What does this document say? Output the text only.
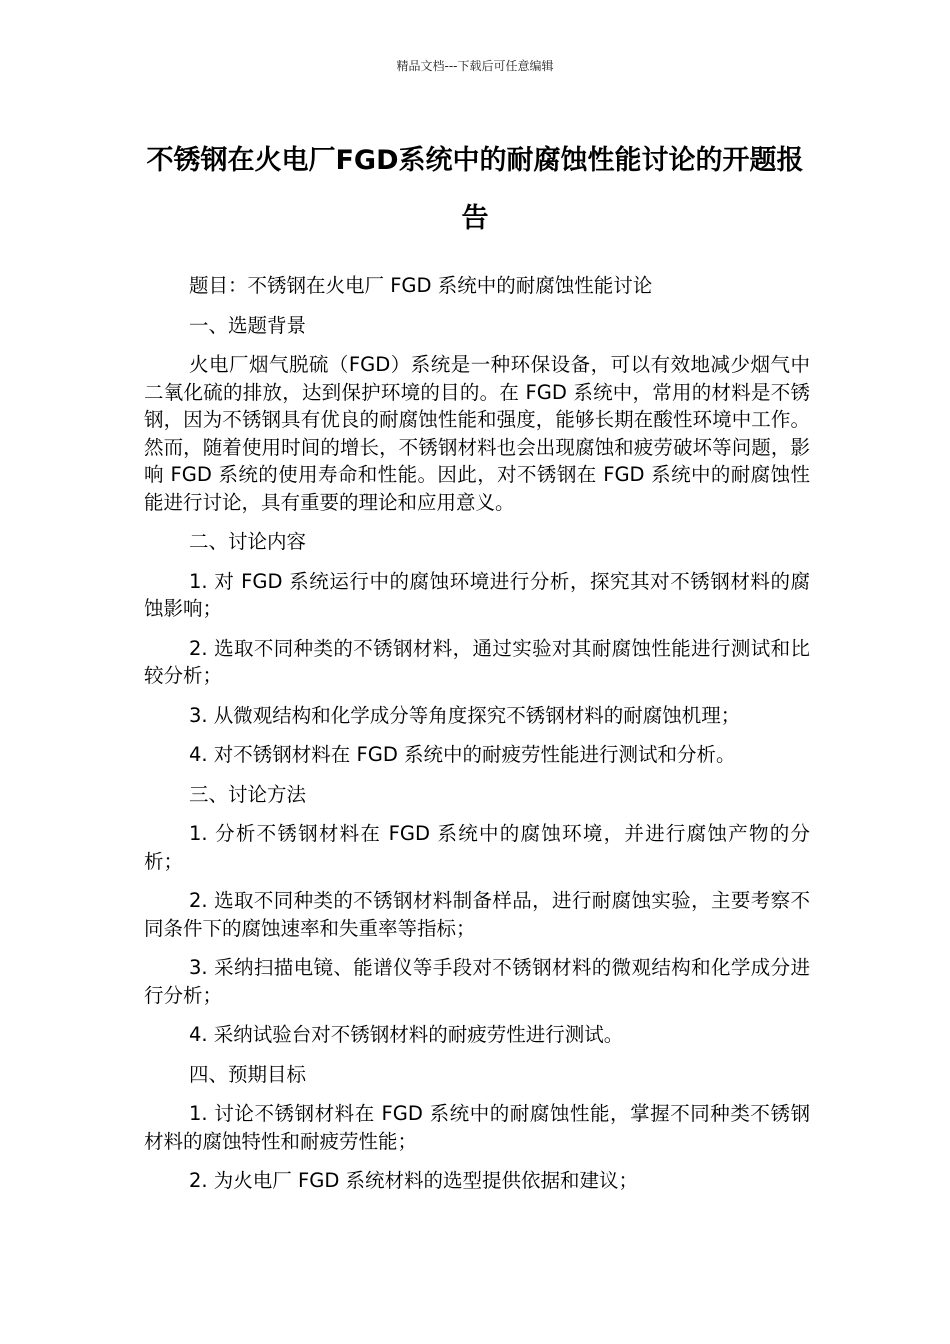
精品文档---下载后可任意编辑
不锈钢在火电厂FGD系统中的耐腐蚀性能讨论的开题报告

题目：不锈钢在火电厂 FGD 系统中的耐腐蚀性能讨论

一、选题背景

火电厂烟气脱硫（FGD）系统是一种环保设备，可以有效地减少烟气中二氧化硫的排放，达到保护环境的目的。在 FGD 系统中，常用的材料是不锈钢，因为不锈钢具有优良的耐腐蚀性能和强度，能够长期在酸性环境中工作。然而，随着使用时间的增长，不锈钢材料也会出现腐蚀和疲劳破坏等问题，影响 FGD 系统的使用寿命和性能。因此，对不锈钢在 FGD 系统中的耐腐蚀性能进行讨论，具有重要的理论和应用意义。

二、讨论内容

1. 对 FGD 系统运行中的腐蚀环境进行分析，探究其对不锈钢材料的腐蚀影响；

2. 选取不同种类的不锈钢材料，通过实验对其耐腐蚀性能进行测试和比较分析；

3. 从微观结构和化学成分等角度探究不锈钢材料的耐腐蚀机理；

4. 对不锈钢材料在 FGD 系统中的耐疲劳性能进行测试和分析。

三、讨论方法

1. 分析不锈钢材料在 FGD 系统中的腐蚀环境，并进行腐蚀产物的分析；

2. 选取不同种类的不锈钢材料制备样品，进行耐腐蚀实验，主要考察不同条件下的腐蚀速率和失重率等指标；

3. 采纳扫描电镜、能谱仪等手段对不锈钢材料的微观结构和化学成分进行分析；

4. 采纳试验台对不锈钢材料的耐疲劳性进行测试。

四、预期目标

1. 讨论不锈钢材料在 FGD 系统中的耐腐蚀性能，掌握不同种类不锈钢材料的腐蚀特性和耐疲劳性能；

2. 为火电厂 FGD 系统材料的选型提供依据和建议；
